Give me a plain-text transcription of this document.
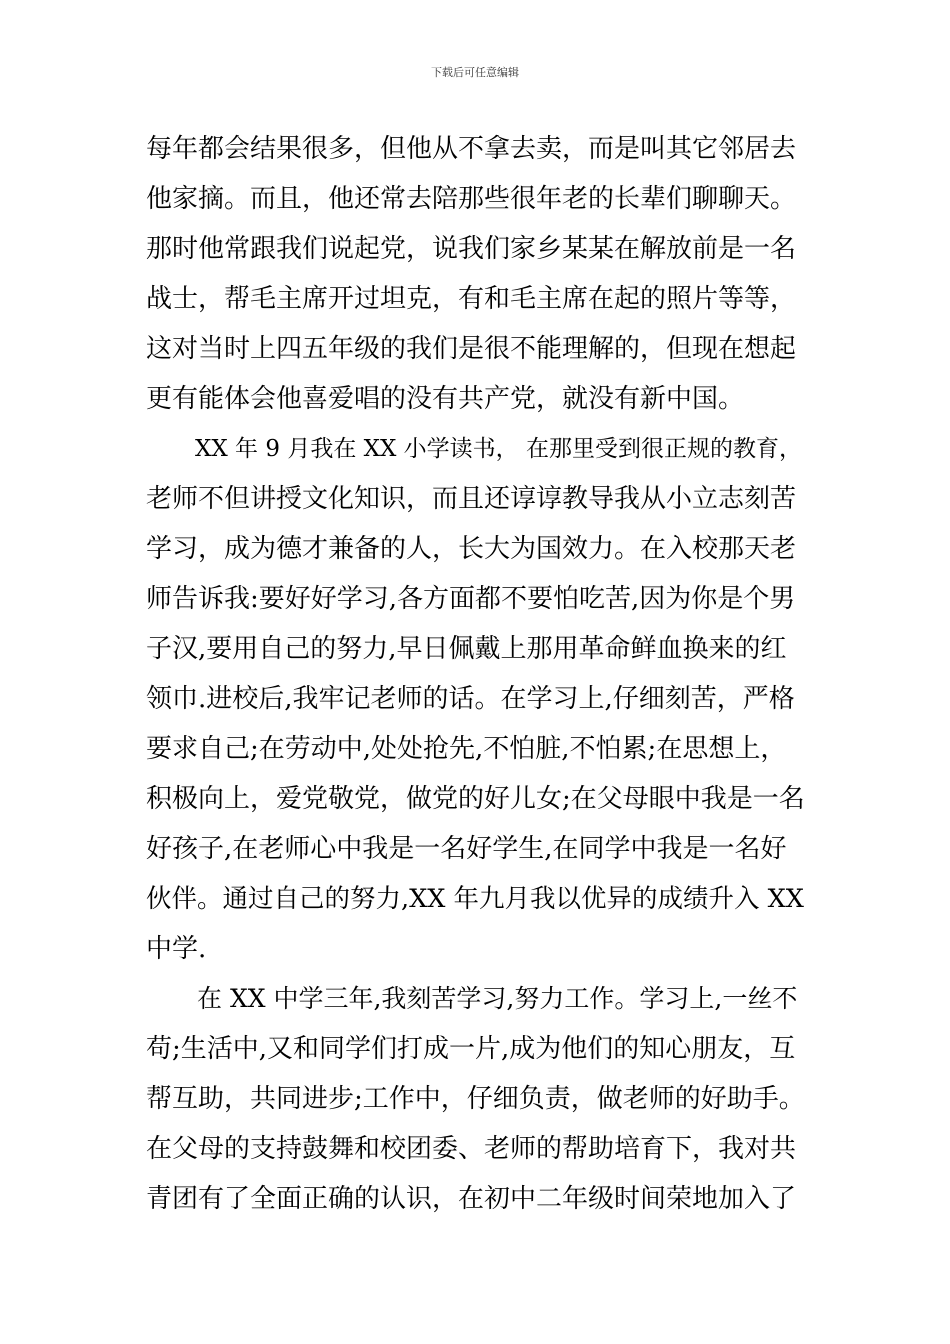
下载后可任意编辑
每年都会结果很多，但他从不拿去卖，而是叫其它邻居去
他家摘。而且，他还常去陪那些很年老的长辈们聊聊天。
那时他常跟我们说起党，说我们家乡某某在解放前是一名
战士，帮毛主席开过坦克，有和毛主席在起的照片等等，
这对当时上四五年级的我们是很不能理解的，但现在想起
更有能体会他喜爱唱的没有共产党，就没有新中国。
　XX 年 9 月我在 XX 小学读书， 在那里受到很正规的教育，
老师不但讲授文化知识，而且还谆谆教导我从小立志刻苦
学习，成为德才兼备的人，长大为国效力。在入校那天老
师告诉我:要好好学习,各方面都不要怕吃苦,因为你是个男
子汉,要用自己的努力,早日佩戴上那用革命鲜血换来的红
领巾.进校后,我牢记老师的话。在学习上,仔细刻苦，严格
要求自己;在劳动中,处处抢先,不怕脏,不怕累;在思想上，
积极向上，爱党敬党，做党的好儿女;在父母眼中我是一名
好孩子,在老师心中我是一名好学生,在同学中我是一名好
伙伴。通过自己的努力,XX 年九月我以优异的成绩升入 XX
中学.
　在 XX 中学三年,我刻苦学习,努力工作。学习上,一丝不
苟;生活中,又和同学们打成一片,成为他们的知心朋友，互
帮互助，共同进步;工作中，仔细负责，做老师的好助手。
在父母的支持鼓舞和校团委、老师的帮助培育下，我对共
青团有了全面正确的认识，在初中二年级时间荣地加入了
